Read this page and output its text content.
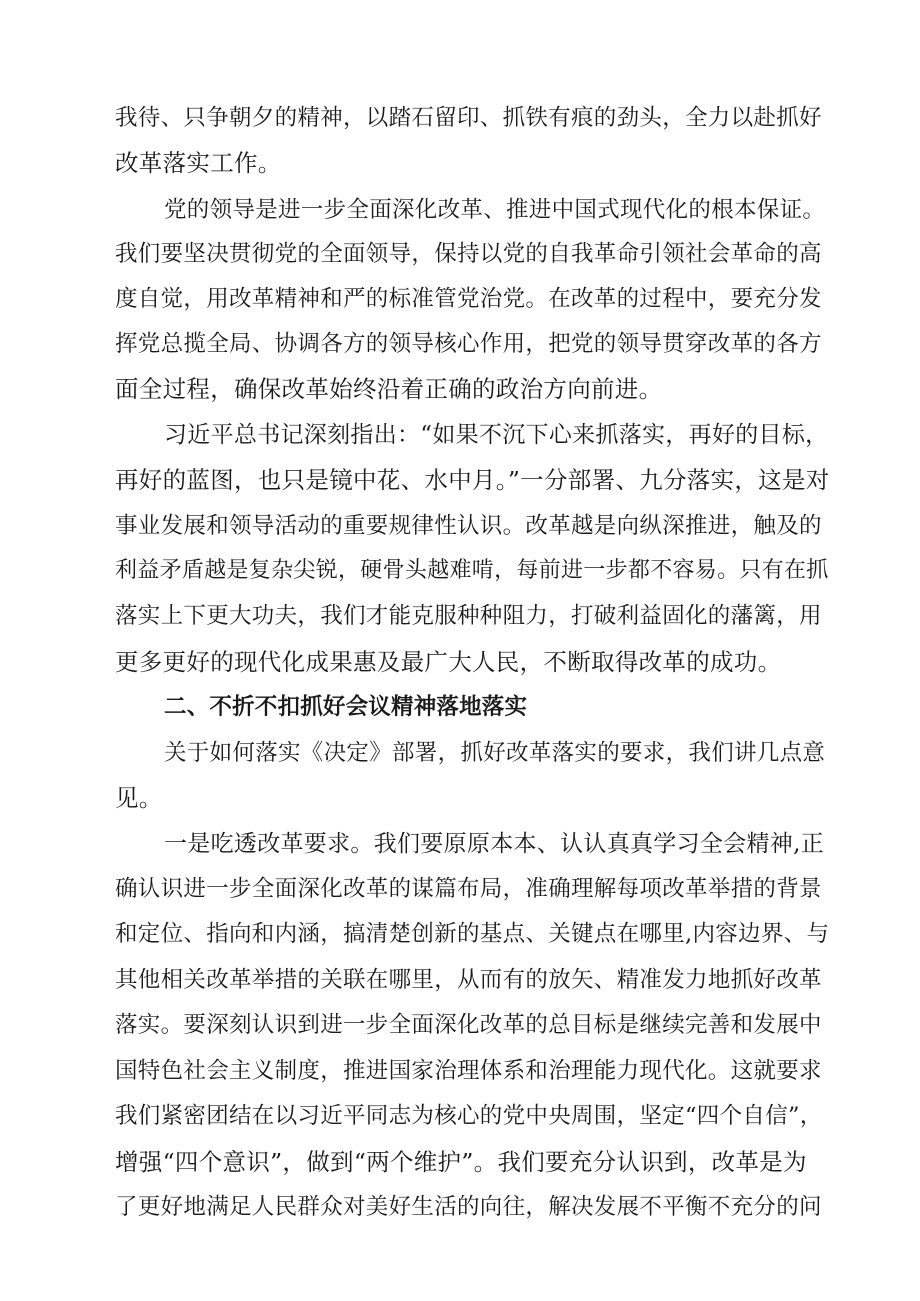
我待、只争朝夕的精神，以踏石留印、抓铁有痕的劲头，全力以赴抓好
改革落实工作。
党的领导是进一步全面深化改革、推进中国式现代化的根本保证。
我们要坚决贯彻党的全面领导，保持以党的自我革命引领社会革命的高
度自觉，用改革精神和严的标准管党治党。在改革的过程中，要充分发
挥党总揽全局、协调各方的领导核心作用，把党的领导贯穿改革的各方
面全过程，确保改革始终沿着正确的政治方向前进。
习近平总书记深刻指出：“如果不沉下心来抓落实，再好的目标，
再好的蓝图，也只是镜中花、水中月。”一分部署、九分落实，这是对
事业发展和领导活动的重要规律性认识。改革越是向纵深推进，触及的
利益矛盾越是复杂尖锐，硬骨头越难啃，每前进一步都不容易。只有在抓
落实上下更大功夫，我们才能克服种种阻力，打破利益固化的藩篱，用
更多更好的现代化成果惠及最广大人民，不断取得改革的成功。
二、不折不扣抓好会议精神落地落实
关于如何落实《决定》部署，抓好改革落实的要求，我们讲几点意
见。
一是吃透改革要求。我们要原原本本、认认真真学习全会精神,正
确认识进一步全面深化改革的谋篇布局，准确理解每项改革举措的背景
和定位、指向和内涵，搞清楚创新的基点、关键点在哪里,内容边界、与
其他相关改革举措的关联在哪里，从而有的放矢、精准发力地抓好改革
落实。要深刻认识到进一步全面深化改革的总目标是继续完善和发展中
国特色社会主义制度，推进国家治理体系和治理能力现代化。这就要求
我们紧密团结在以习近平同志为核心的党中央周围，坚定“四个自信”，
增强“四个意识”，做到“两个维护”。我们要充分认识到，改革是为
了更好地满足人民群众对美好生活的向往，解决发展不平衡不充分的问
